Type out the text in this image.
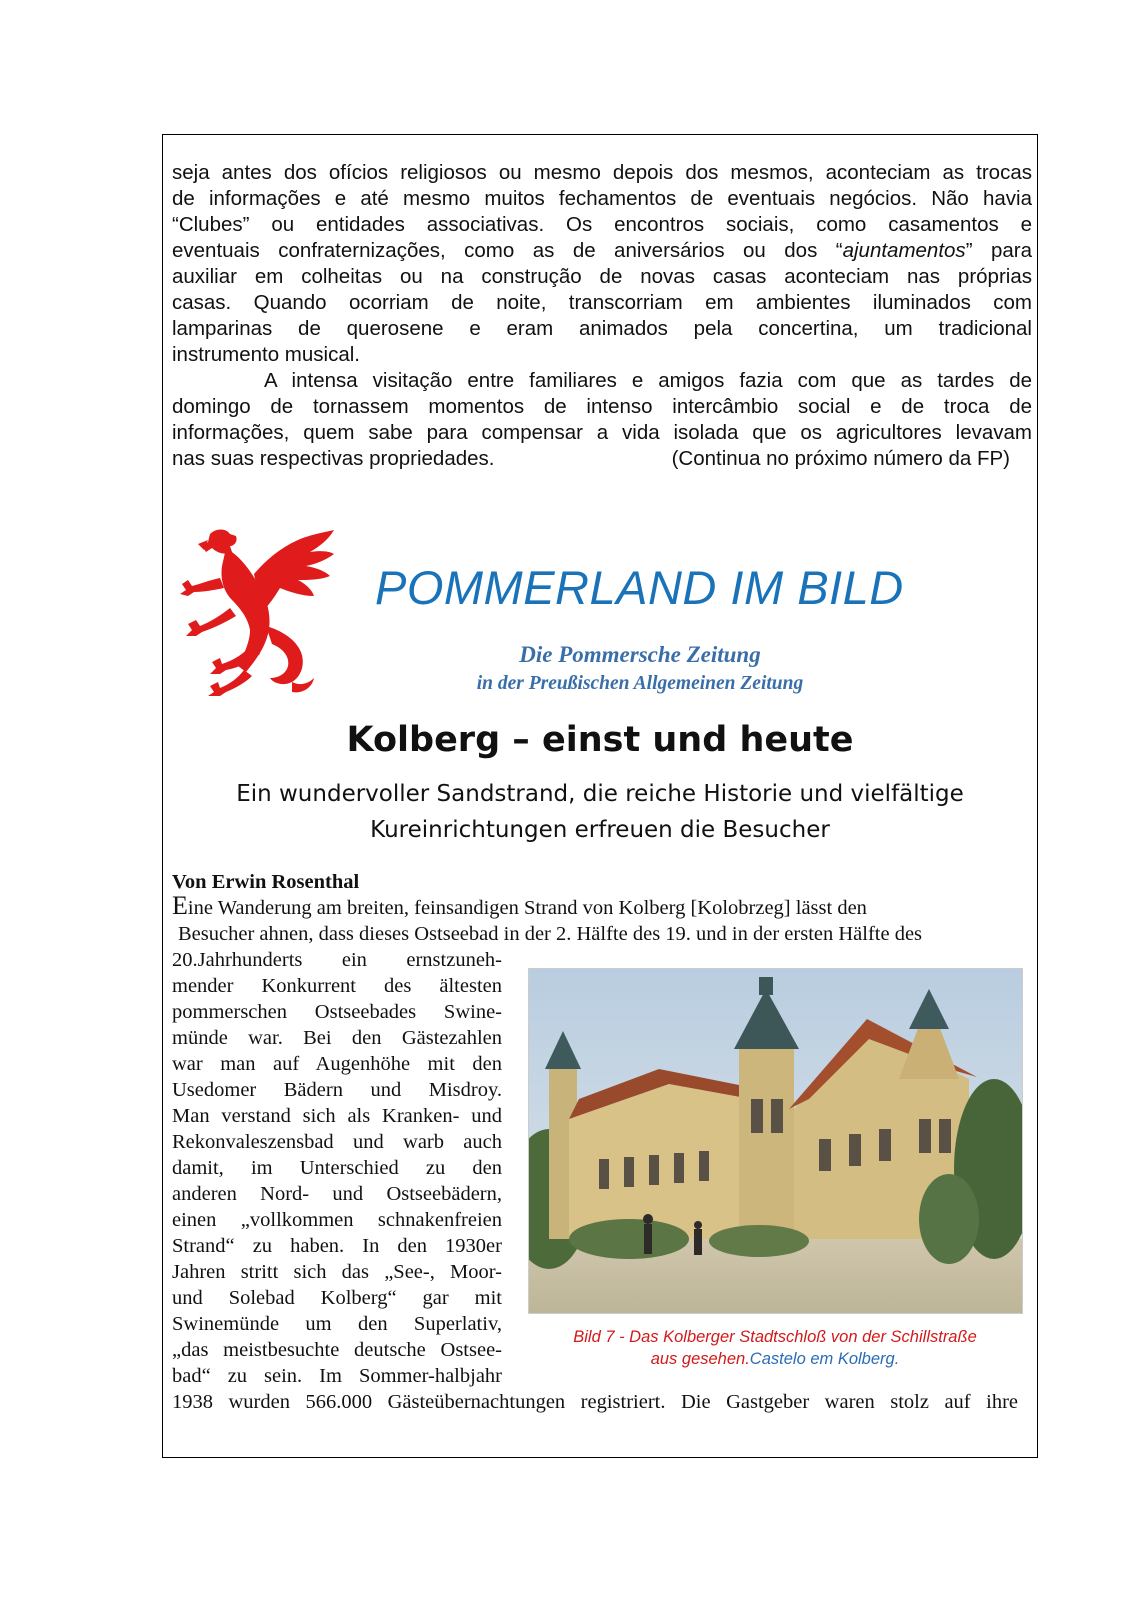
seja antes dos ofícios religiosos ou mesmo depois dos mesmos, aconteciam as trocas
de informações e até mesmo muitos fechamentos de eventuais negócios. Não havia
“Clubes” ou entidades associativas. Os encontros sociais, como casamentos e
eventuais confraternizações, como as de aniversários ou dos “ajuntamentos” para
auxiliar em colheitas ou na construção de novas casas aconteciam nas próprias
casas. Quando ocorriam de noite, transcorriam em ambientes iluminados com
lamparinas de querosene e eram animados pela concertina, um tradicional
instrumento musical.
A intensa visitação entre familiares e amigos fazia com que as tardes de
domingo de tornassem momentos de intenso intercâmbio social e de troca de
informações, quem sabe para compensar a vida isolada que os agricultores levavam
nas suas respectivas propriedades.	(Continua no próximo número da FP)
POMMERLAND IM BILD
Die Pommersche Zeitung
in der Preußischen Allgemeinen Zeitung
Kolberg – einst und heute
Ein wundervoller Sandstrand, die reiche Historie und vielfältige
Kureinrichtungen erfreuen die Besucher
Von Erwin Rosenthal
Eine Wanderung am breiten, feinsandigen Strand von Kolberg [Kolobrzeg] lässt den
Besucher ahnen, dass dieses Ostseebad in der 2. Hälfte des 19. und in der ersten Hälfte des
20.Jahrhunderts ein ernstzuneh-
mender Konkurrent des ältesten
pommerschen Ostseebades Swine-
münde war. Bei den Gästezahlen
war man auf Augenhöhe mit den
Usedomer Bädern und Misdroy.
Man verstand sich als Kranken- und
Rekonvaleszensbad und warb auch
damit, im Unterschied zu den
anderen Nord- und Ostseebädern,
einen „vollkommen schnakenfreien
Strand“ zu haben. In den 1930er
Jahren stritt sich das „See-, Moor-
und Solebad Kolberg“ gar mit
Swinemünde um den Superlativ,
„das meistbesuchte deutsche Ostsee-
bad“ zu sein. Im Sommer-halbjahr
1938 wurden 566.000 Gästeübernachtungen registriert. Die Gastgeber waren stolz auf ihre
Bild 7 - Das Kolberger Stadtschloß von der Schillstraße
aus gesehen.Castelo em Kolberg.
